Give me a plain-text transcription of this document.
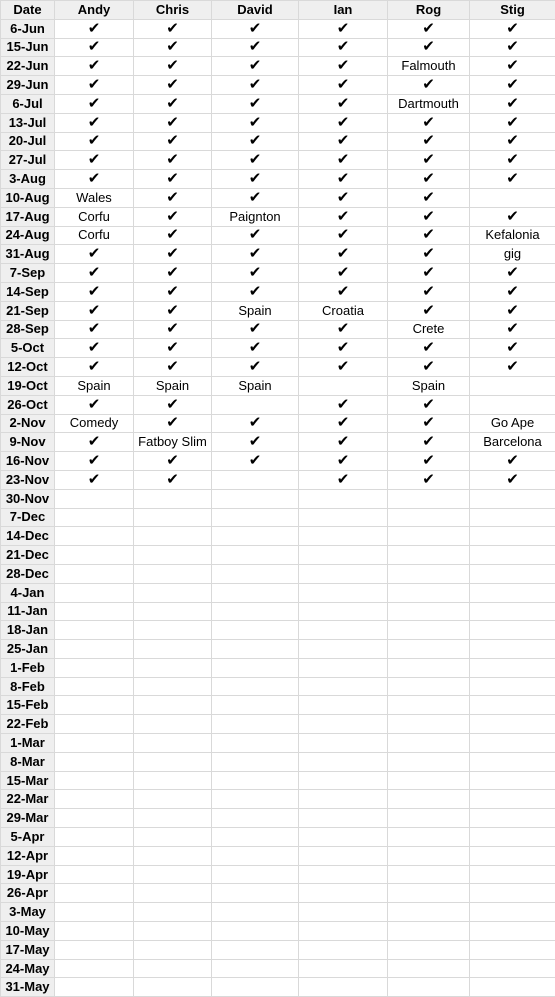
Date	Andy	Chris	David	Ian	Rog	Stig
6-Jun	✔	✔	✔	✔	✔	✔
15-Jun	✔	✔	✔	✔	✔	✔
22-Jun	✔	✔	✔	✔	Falmouth	✔
29-Jun	✔	✔	✔	✔	✔	✔
6-Jul	✔	✔	✔	✔	Dartmouth	✔
13-Jul	✔	✔	✔	✔	✔	✔
20-Jul	✔	✔	✔	✔	✔	✔
27-Jul	✔	✔	✔	✔	✔	✔
3-Aug	✔	✔	✔	✔	✔	✔
10-Aug	Wales	✔	✔	✔	✔	
17-Aug	Corfu	✔	Paignton	✔	✔	✔
24-Aug	Corfu	✔	✔	✔	✔	Kefalonia
31-Aug	✔	✔	✔	✔	✔	gig
7-Sep	✔	✔	✔	✔	✔	✔
14-Sep	✔	✔	✔	✔	✔	✔
21-Sep	✔	✔	Spain	Croatia	✔	✔
28-Sep	✔	✔	✔	✔	Crete	✔
5-Oct	✔	✔	✔	✔	✔	✔
12-Oct	✔	✔	✔	✔	✔	✔
19-Oct	Spain	Spain	Spain		Spain	
26-Oct	✔	✔		✔	✔	
2-Nov	Comedy	✔	✔	✔	✔	Go Ape
9-Nov	✔	Fatboy Slim	✔	✔	✔	Barcelona
16-Nov	✔	✔	✔	✔	✔	✔
23-Nov	✔	✔		✔	✔	✔
30-Nov						
7-Dec						
14-Dec						
21-Dec						
28-Dec						
4-Jan						
11-Jan						
18-Jan						
25-Jan						
1-Feb						
8-Feb						
15-Feb						
22-Feb						
1-Mar						
8-Mar						
15-Mar						
22-Mar						
29-Mar						
5-Apr						
12-Apr						
19-Apr						
26-Apr						
3-May						
10-May						
17-May						
24-May						
31-May						
